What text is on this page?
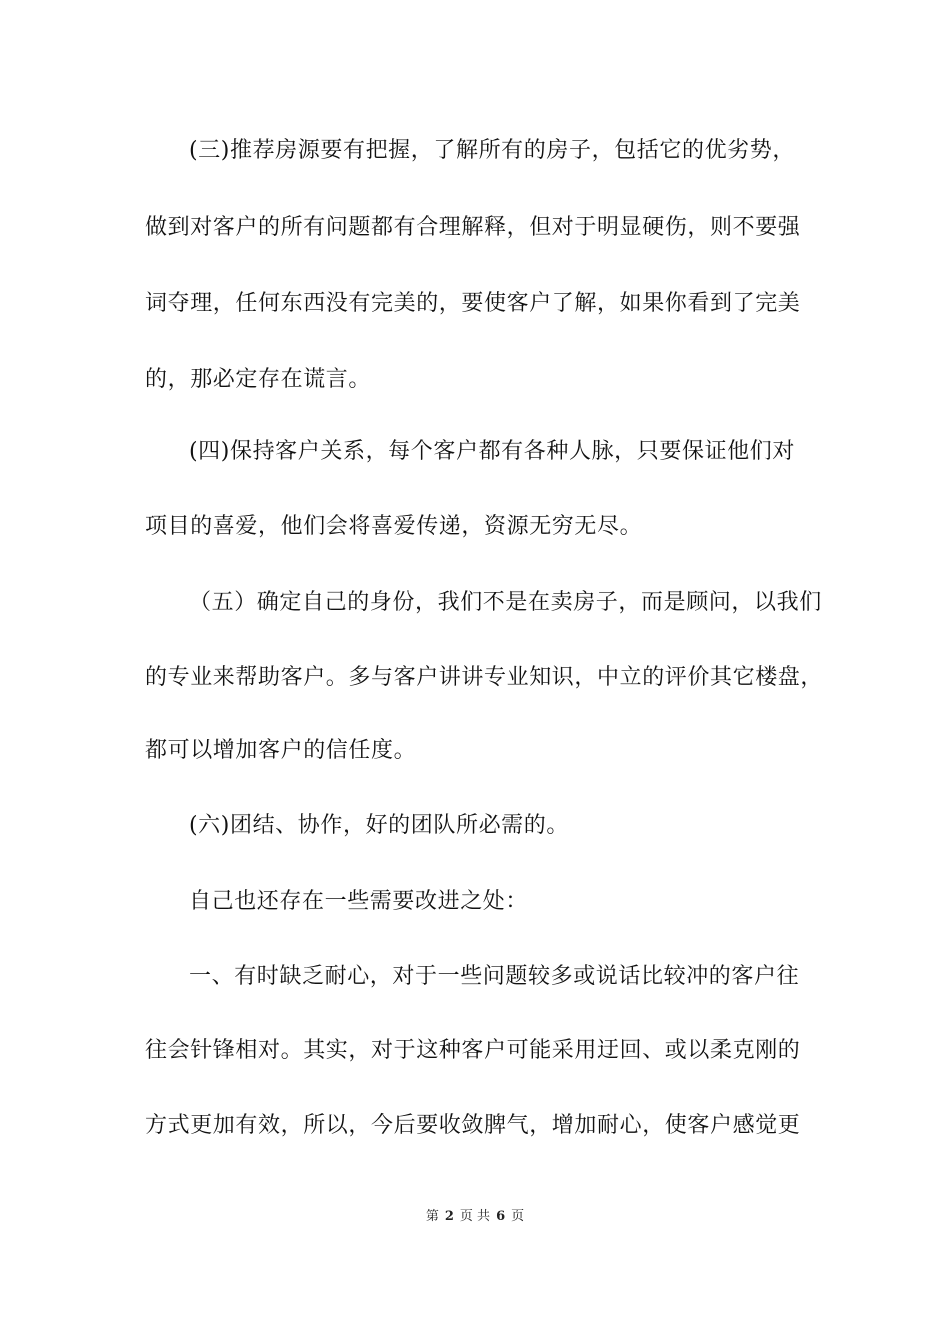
(三)推荐房源要有把握，了解所有的房子，包括它的优劣势，
做到对客户的所有问题都有合理解释，但对于明显硬伤，则不要强
词夺理，任何东西没有完美的，要使客户了解，如果你看到了完美
的，那必定存在谎言。
(四)保持客户关系，每个客户都有各种人脉，只要保证他们对
项目的喜爱，他们会将喜爱传递，资源无穷无尽。
（五）确定自己的身份，我们不是在卖房子，而是顾问，以我们
的专业来帮助客户。多与客户讲讲专业知识，中立的评价其它楼盘，
都可以增加客户的信任度。
(六)团结、协作，好的团队所必需的。
自己也还存在一些需要改进之处：
一、有时缺乏耐心，对于一些问题较多或说话比较冲的客户往
往会针锋相对。其实，对于这种客户可能采用迂回、或以柔克刚的
方式更加有效，所以，今后要收敛脾气，增加耐心，使客户感觉更
第 2 页 共 6 页
